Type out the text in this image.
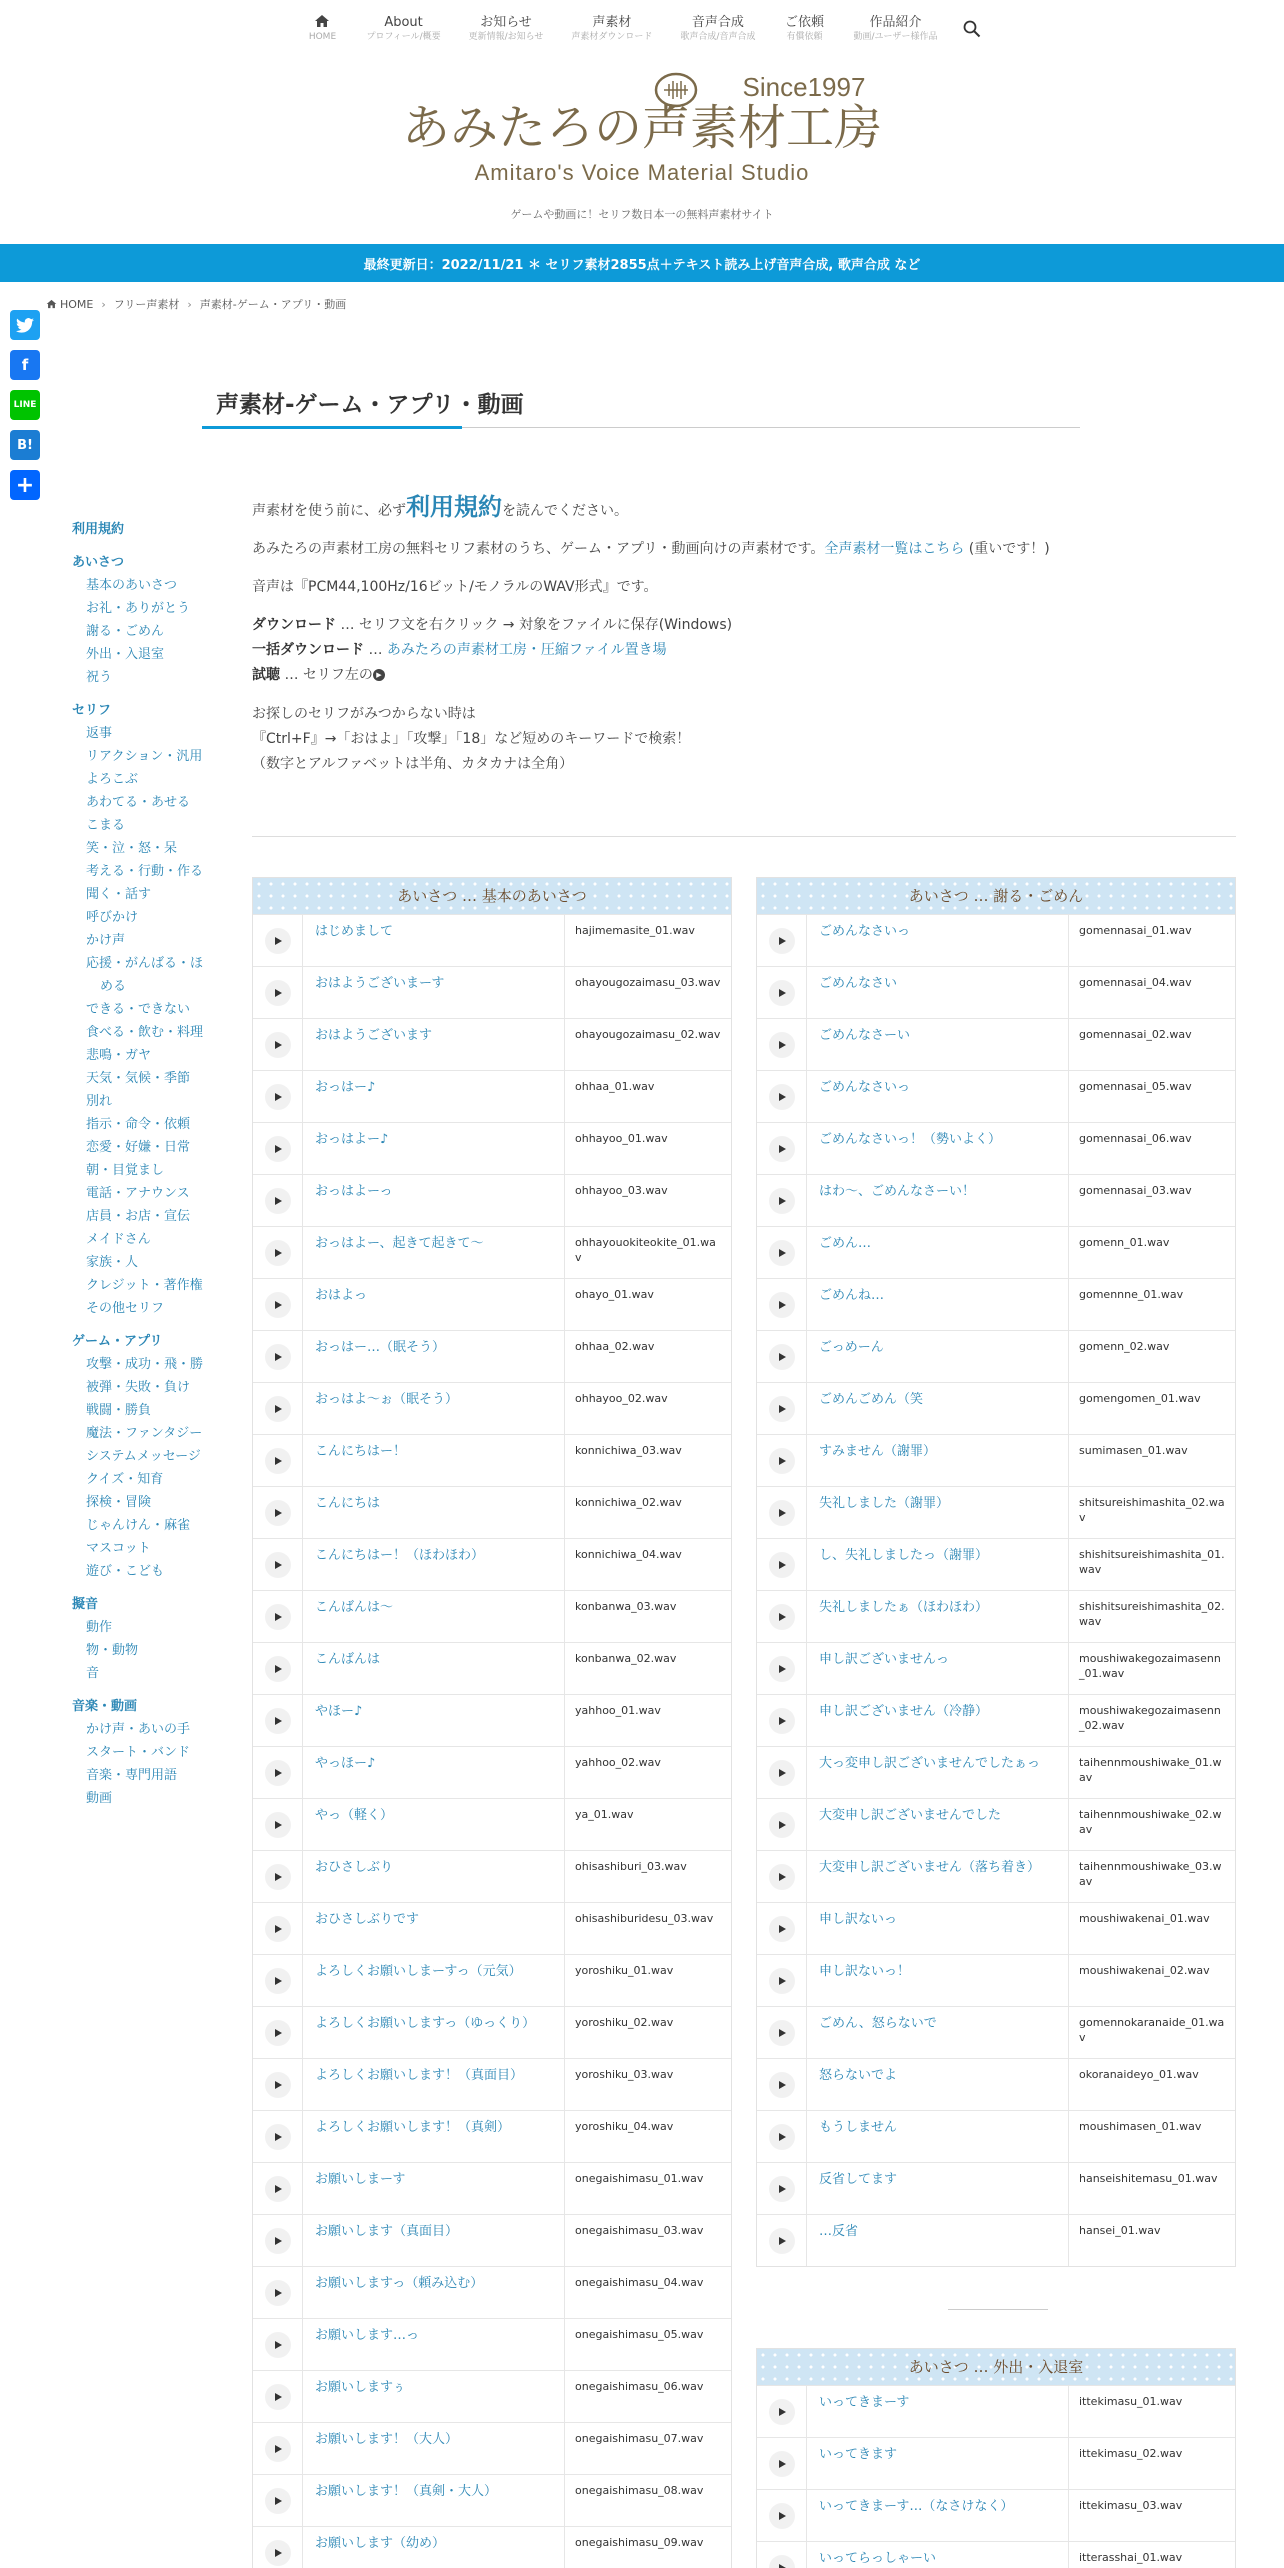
HOME
About
プロフィール/概要
お知らせ
更新情報/お知らせ
声素材
声素材ダウンロード
音声合成
歌声合成/音声合成
ご依頼
有償依頼
作品紹介
動画/ユーザー様作品
Since1997
あみたろの声素材工房
Amitaro's Voice Material Studio
ゲームや動画に！セリフ数日本一の無料声素材サイト
最終更新日：2022/11/21 ＊ セリフ素材2855点＋テキスト読み上げ音声合成, 歌声合成 など
HOME › フリー声素材 › 声素材-ゲーム・アプリ・動画
f
LINE
B!
+
声素材-ゲーム・アプリ・動画
利用規約
あいさつ
基本のあいさつ
お礼・ありがとう
謝る・ごめん
外出・入退室
祝う
セリフ
返事
リアクション・汎用
よろこぶ
あわてる・あせる
こまる
笑・泣・怒・呆
考える・行動・作る
聞く・話す
呼びかけ
かけ声
応援・がんばる・ほめる
できる・できない
食べる・飲む・料理
悲鳴・ガヤ
天気・気候・季節
別れ
指示・命令・依頼
恋愛・好嫌・日常
朝・目覚まし
電話・アナウンス
店員・お店・宣伝
メイドさん
家族・人
クレジット・著作権
その他セリフ
ゲーム・アプリ
攻撃・成功・飛・勝
被弾・失敗・負け
戦闘・勝負
魔法・ファンタジー
システムメッセージ
クイズ・知育
探検・冒険
じゃんけん・麻雀
マスコット
遊び・こども
擬音
動作
物・動物
音
音楽・動画
かけ声・あいの手
スタート・バンド
音楽・専門用語
動画

声素材を使う前に、必ず利用規約を読んでください。

あみたろの声素材工房の無料セリフ素材のうち、ゲーム・アプリ・動画向けの声素材です。全声素材一覧はこちら (重いです！)

音声は『PCM44,100Hz/16ビット/モノラルのWAV形式』です。

ダウンロード … セリフ文を右クリック → 対象をファイルに保存(Windows)
一括ダウンロード … あみたろの声素材工房・圧縮ファイル置き場
試聴 … セリフ左の ▶

お探しのセリフがみつからない時は
『Ctrl+F』→「おはよ」「攻撃」「18」など短めのキーワードで検索！
（数字とアルファベットは半角、カタカナは全角）

あいさつ … 基本のあいさつ
はじめまして	hajimemasite_01.wav
おはようございまーす	ohayougozaimasu_03.wav
おはようございます	ohayougozaimasu_02.wav
おっはー♪	ohhaa_01.wav
おっはよー♪	ohhayoo_01.wav
おっはよーっ	ohhayoo_03.wav
おっはよー、起きて起きて～	ohhayouokiteokite_01.wav
おはよっ	ohayo_01.wav
おっはー…（眠そう）	ohhaa_02.wav
おっはよ～ぉ（眠そう）	ohhayoo_02.wav
こんにちはー！	konnichiwa_03.wav
こんにちは	konnichiwa_02.wav
こんにちはー！（ほわほわ）	konnichiwa_04.wav
こんばんは～	konbanwa_03.wav
こんばんは	konbanwa_02.wav
やほー♪	yahhoo_01.wav
やっほー♪	yahhoo_02.wav
やっ（軽く）	ya_01.wav
おひさしぶり	ohisashiburi_03.wav
おひさしぶりです	ohisashiburidesu_03.wav
よろしくお願いしまーすっ（元気）	yoroshiku_01.wav
よろしくお願いしますっ（ゆっくり）	yoroshiku_02.wav
よろしくお願いします！（真面目）	yoroshiku_03.wav
よろしくお願いします！（真剣）	yoroshiku_04.wav
お願いしまーす	onegaishimasu_01.wav
お願いします（真面目）	onegaishimasu_03.wav
お願いしますっ（頼み込む）	onegaishimasu_04.wav
お願いします…っ	onegaishimasu_05.wav
お願いしますぅ	onegaishimasu_06.wav
お願いします！（大人）	onegaishimasu_07.wav
お願いします！（真剣・大人）	onegaishimasu_08.wav
お願いします（幼め）	onegaishimasu_09.wav
あいさつ … 謝る・ごめん
ごめんなさいっ	gomennasai_01.wav
ごめんなさい	gomennasai_04.wav
ごめんなさーい	gomennasai_02.wav
ごめんなさいっ	gomennasai_05.wav
ごめんなさいっ！（勢いよく）	gomennasai_06.wav
はわ～、ごめんなさーい！	gomennasai_03.wav
ごめん…	gomenn_01.wav
ごめんね…	gomennne_01.wav
ごっめーん	gomenn_02.wav
ごめんごめん（笑	gomengomen_01.wav
すみません（謝罪）	sumimasen_01.wav
失礼しました（謝罪）	shitsureishimashita_02.wav
し、失礼しましたっ（謝罪）	shishitsureishimashita_01.wav
失礼しましたぁ（ほわほわ）	shishitsureishimashita_02.wav
申し訳ございませんっ	moushiwakegozaimasenn_01.wav
申し訳ございません（冷静）	moushiwakegozaimasenn_02.wav
大っ変申し訳ございませんでしたぁっ	taihennmoushiwake_01.wav
大変申し訳ございませんでした	taihennmoushiwake_02.wav
大変申し訳ございません（落ち着き）	taihennmoushiwake_03.wav
申し訳ないっ	moushiwakenai_01.wav
申し訳ないっ！	moushiwakenai_02.wav
ごめん、怒らないで	gomennokaranaide_01.wav
怒らないでよ	okoranaideyo_01.wav
もうしません	moushimasen_01.wav
反省してます	hanseishitemasu_01.wav
…反省	hansei_01.wav
あいさつ … 外出・入退室
いってきまーす	ittekimasu_01.wav
いってきます	ittekimasu_02.wav
いってきまーす…（なさけなく）	ittekimasu_03.wav
いってらっしゃーい	itterasshai_01.wav
